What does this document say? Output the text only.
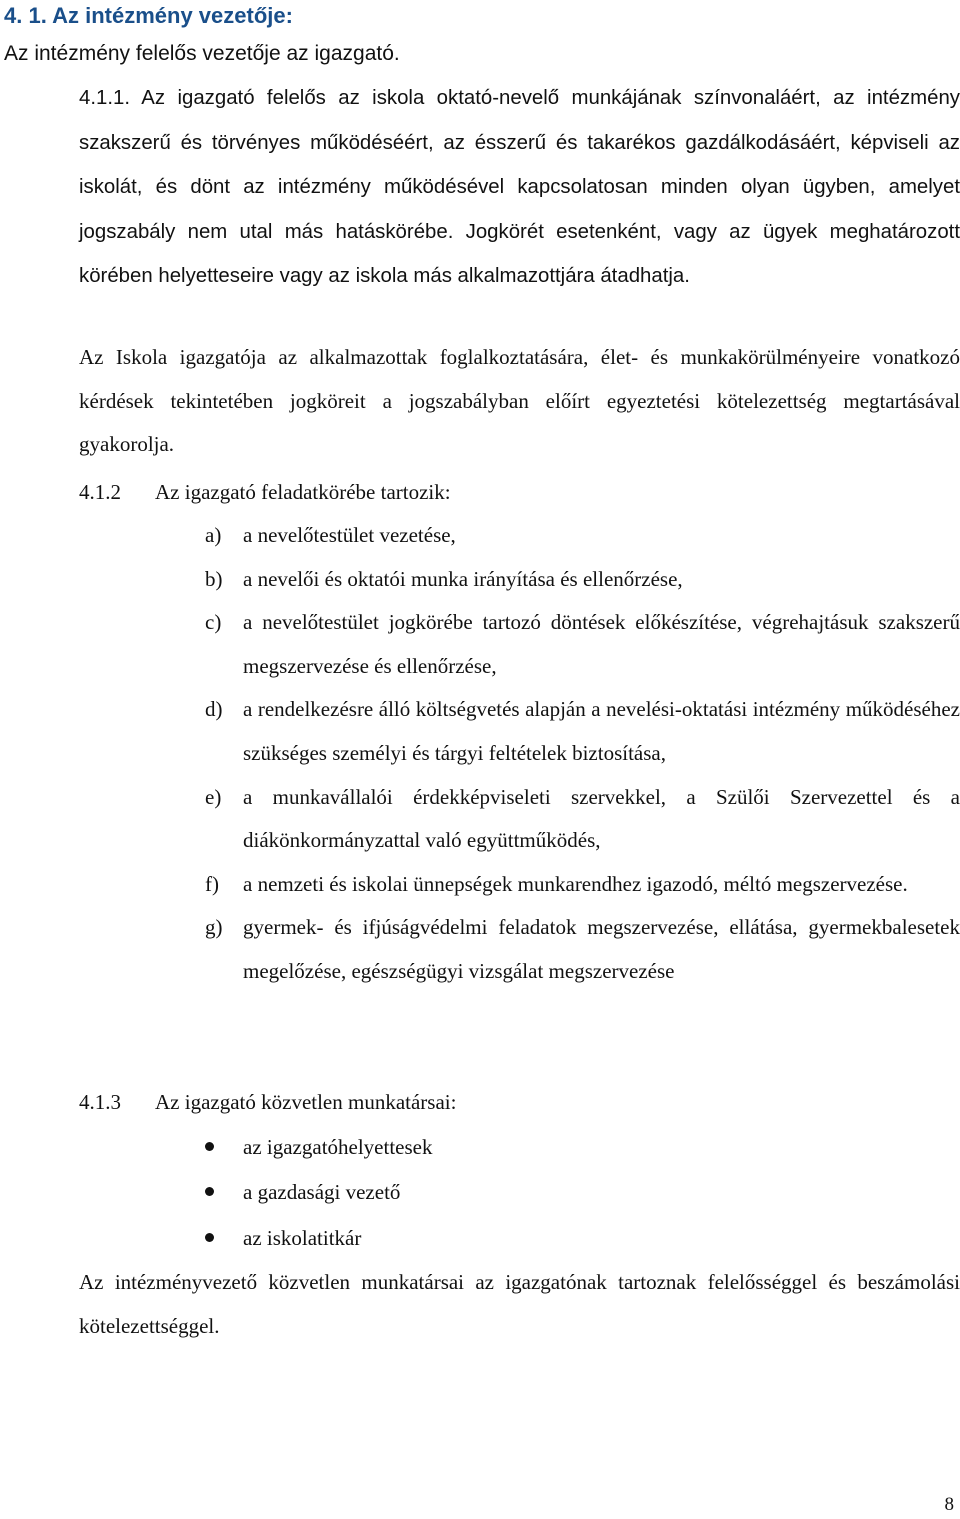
4. 1. Az intézmény vezetője:

Az intézmény felelős vezetője az igazgató.

4.1.1. Az igazgató felelős az iskola oktató-nevelő munkájának színvonaláért, az intézmény szakszerű és törvényes működéséért, az ésszerű és takarékos gazdálkodásáért, képviseli az iskolát, és dönt az intézmény működésével kapcsolatosan minden olyan ügyben, amelyet jogszabály nem utal más hatáskörébe. Jogkörét esetenként, vagy az ügyek meghatározott körében helyetteseire vagy az iskola más alkalmazottjára átadhatja.

Az Iskola igazgatója az alkalmazottak foglalkoztatására, élet- és munkakörülményeire vonatkozó kérdések tekintetében jogköreit a jogszabályban előírt egyeztetési kötelezettség megtartásával gyakorolja.

4.1.2 Az igazgató feladatkörébe tartozik:

a) a nevelőtestület vezetése,
b) a nevelői és oktatói munka irányítása és ellenőrzése,
c) a nevelőtestület jogkörébe tartozó döntések előkészítése, végrehajtásuk szakszerű megszervezése és ellenőrzése,
d) a rendelkezésre álló költségvetés alapján a nevelési-oktatási intézmény működéséhez szükséges személyi és tárgyi feltételek biztosítása,
e) a munkavállalói érdekképviseleti szervekkel, a Szülői Szervezettel és a diákönkormányzattal való együttműködés,
f) a nemzeti és iskolai ünnepségek munkarendhez igazodó, méltó megszervezése.
g) gyermek- és ifjúságvédelmi feladatok megszervezése, ellátása, gyermekbalesetek megelőzése, egészségügyi vizsgálat megszervezése

4.1.3 Az igazgató közvetlen munkatársai:

az igazgatóhelyettesek
a gazdasági vezető
az iskolatitkár

Az intézményvezető közvetlen munkatársai az igazgatónak tartoznak felelősséggel és beszámolási kötelezettséggel.

8
